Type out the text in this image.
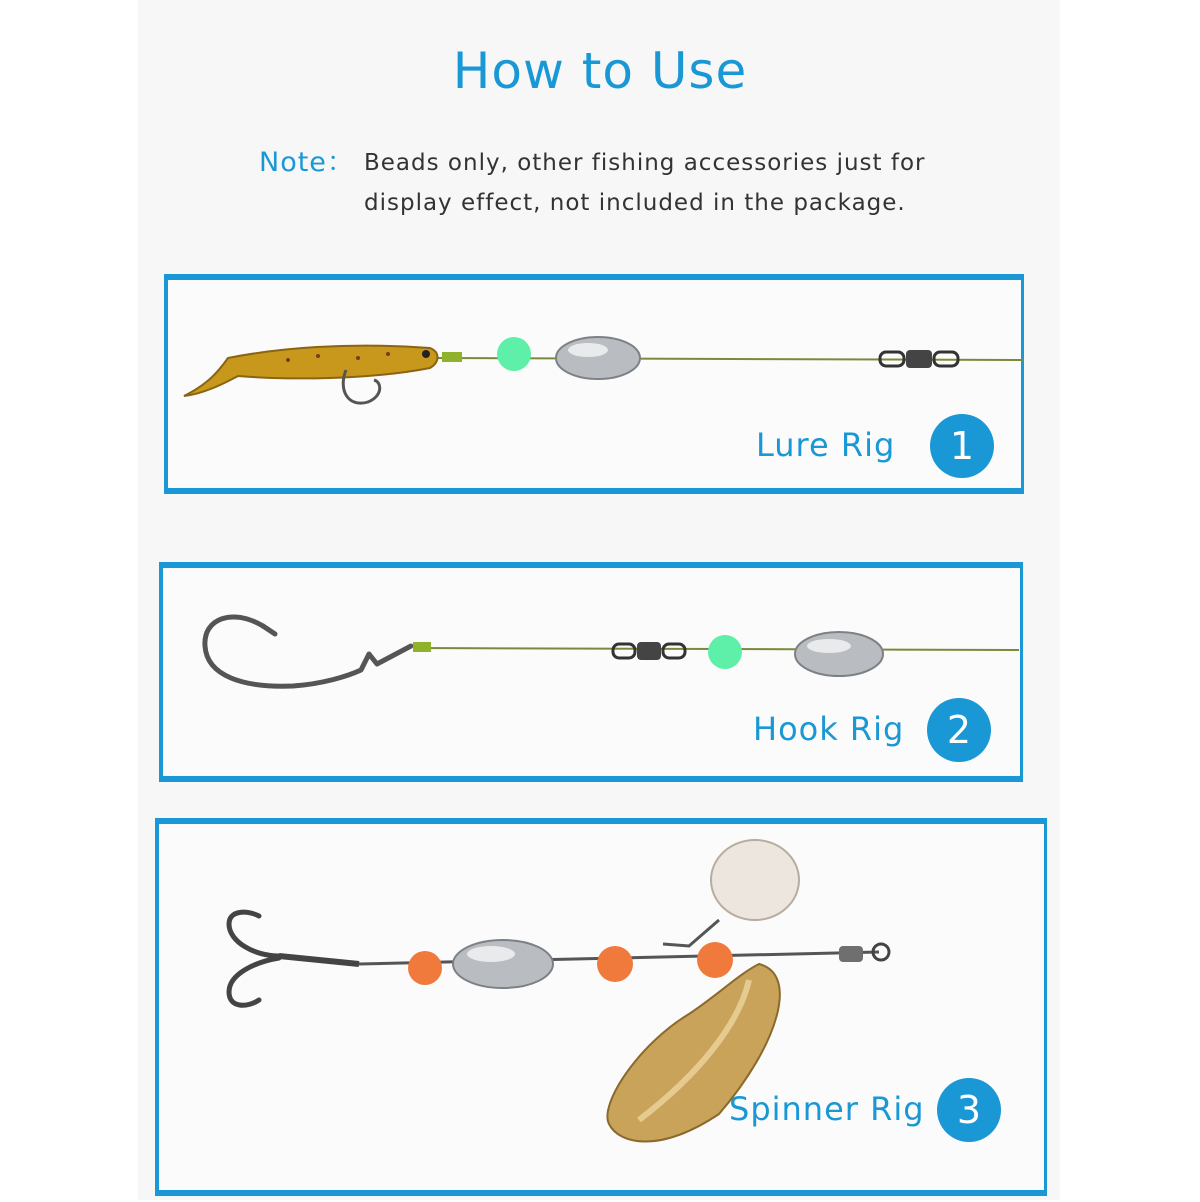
How to Use
Note： Beads only, other fishing accessories just for display effect, not included in the package.
Lure Rig	1
Hook Rig	2
Spinner Rig 3
